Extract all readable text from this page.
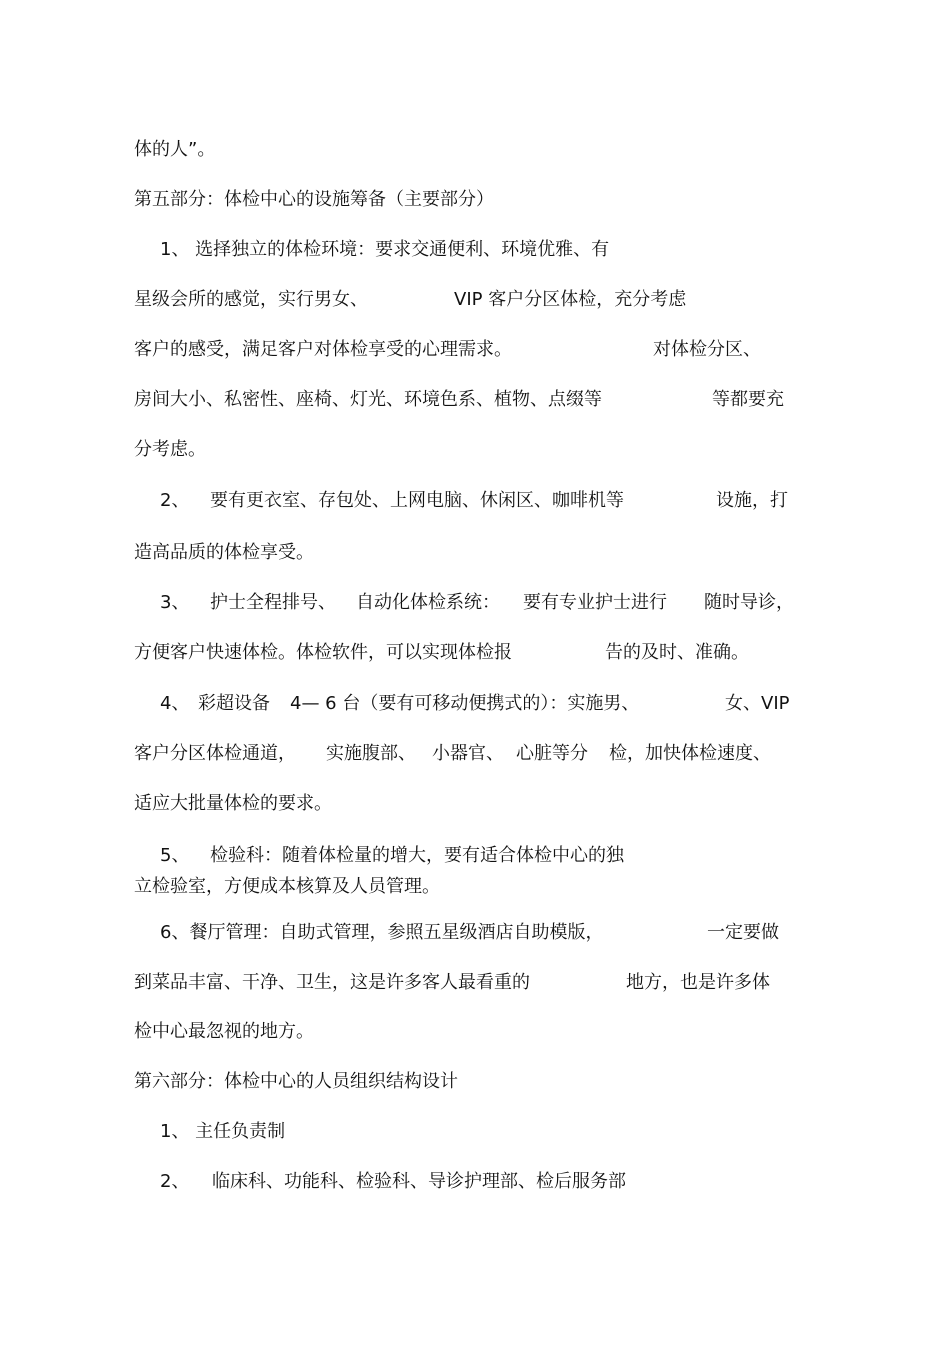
体的人”。

第五部分：体检中心的设施筹备（主要部分）

1、 选择独立的体检环境：要求交通便利、环境优雅、有

星级会所的感觉，实行男女、

	VIP 客户分区体检，充分考虑

客户的感受，满足客户对体检享受的心理需求。

	对体检分区、

房间大小、私密性、座椅、灯光、环境色系、植物、点缀等

	等都要充

分考虑。

2、

要有更衣室、存包处、上网电脑、休闲区、咖啡机等

	设施，打

造高品质的体检享受。

3、

护士全程排号、

自动化体检系统：

要有专业护士进行

随时导诊，

方便客户快速体检。体检软件，可以实现体检报

	告的及时、准确。

4、

彩超设备

4— 6 台（要有可移动便携式的）：实施男、

	女、VIP

客户分区体检通道，

实施腹部、

小器官、

心脏等分

检，加快体检速度、

适应大批量体检的要求。

5、

检验科：随着体检量的增大，要有适合体检中心的独

立检验室，方便成本核算及人员管理。

6、餐厅管理：自助式管理，参照五星级酒店自助模版，

	一定要做

到菜品丰富、干净、卫生，这是许多客人最看重的

	地方，也是许多体

检中心最忽视的地方。

第六部分：体检中心的人员组织结构设计

1、 主任负责制

2、

临床科、功能科、检验科、导诊护理部、检后服务部
